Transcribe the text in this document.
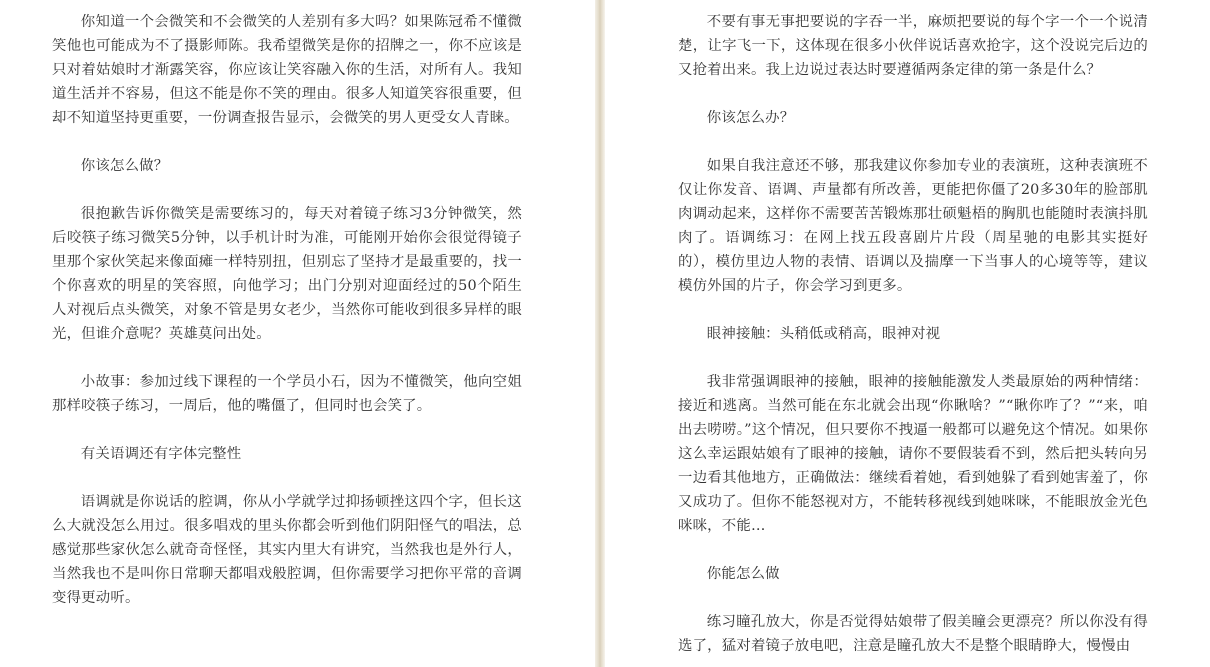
你知道一个会微笑和不会微笑的人差别有多大吗？如果陈冠希不懂微笑他也可能成为不了摄影师陈。我希望微笑是你的招牌之一，你不应该是只对着姑娘时才渐露笑容，你应该让笑容融入你的生活，对所有人。我知道生活并不容易，但这不能是你不笑的理由。很多人知道笑容很重要，但却不知道坚持更重要，一份调查报告显示，会微笑的男人更受女人青睐。

你该怎么做？

很抱歉告诉你微笑是需要练习的，每天对着镜子练习3分钟微笑，然后咬筷子练习微笑5分钟，以手机计时为准，可能刚开始你会很觉得镜子里那个家伙笑起来像面瘫一样特别扭，但别忘了坚持才是最重要的，找一个你喜欢的明星的笑容照，向他学习；出门分别对迎面经过的50个陌生人对视后点头微笑，对象不管是男女老少，当然你可能收到很多异样的眼光，但谁介意呢？英雄莫问出处。

小故事：参加过线下课程的一个学员小石，因为不懂微笑，他向空姐那样咬筷子练习，一周后，他的嘴僵了，但同时也会笑了。

有关语调还有字体完整性

语调就是你说话的腔调，你从小学就学过抑扬顿挫这四个字，但长这么大就没怎么用过。很多唱戏的里头你都会听到他们阴阳怪气的唱法，总感觉那些家伙怎么就奇奇怪怪，其实内里大有讲究，当然我也是外行人，当然我也不是叫你日常聊天都唱戏般腔调，但你需要学习把你平常的音调变得更动听。

不要有事无事把要说的字吞一半，麻烦把要说的每个字一个一个说清楚，让字飞一下，这体现在很多小伙伴说话喜欢抢字，这个没说完后边的又抢着出来。我上边说过表达时要遵循两条定律的第一条是什么？

你该怎么办？

如果自我注意还不够，那我建议你参加专业的表演班，这种表演班不仅让你发音、语调、声量都有所改善，更能把你僵了20多30年的脸部肌肉调动起来，这样你不需要苦苦锻炼那壮硕魁梧的胸肌也能随时表演抖肌肉了。语调练习：在网上找五段喜剧片片段（周星驰的电影其实挺好的），模仿里边人物的表情、语调以及揣摩一下当事人的心境等等，建议模仿外国的片子，你会学习到更多。

眼神接触：头稍低或稍高，眼神对视

我非常强调眼神的接触，眼神的接触能激发人类最原始的两种情绪：接近和逃离。当然可能在东北就会出现“你瞅啥？”“瞅你咋了？”“来，咱出去唠唠。”这个情况，但只要你不拽逼一般都可以避免这个情况。如果你这么幸运跟姑娘有了眼神的接触，请你不要假装看不到，然后把头转向另一边看其他地方，正确做法：继续看着她，看到她躲了看到她害羞了，你又成功了。但你不能怒视对方，不能转移视线到她咪咪，不能眼放金光色咪咪，不能…

你能怎么做

练习瞳孔放大，你是否觉得姑娘带了假美瞳会更漂亮？所以你没有得选了，猛对着镜子放电吧，注意是瞳孔放大不是整个眼睛睁大，慢慢由
